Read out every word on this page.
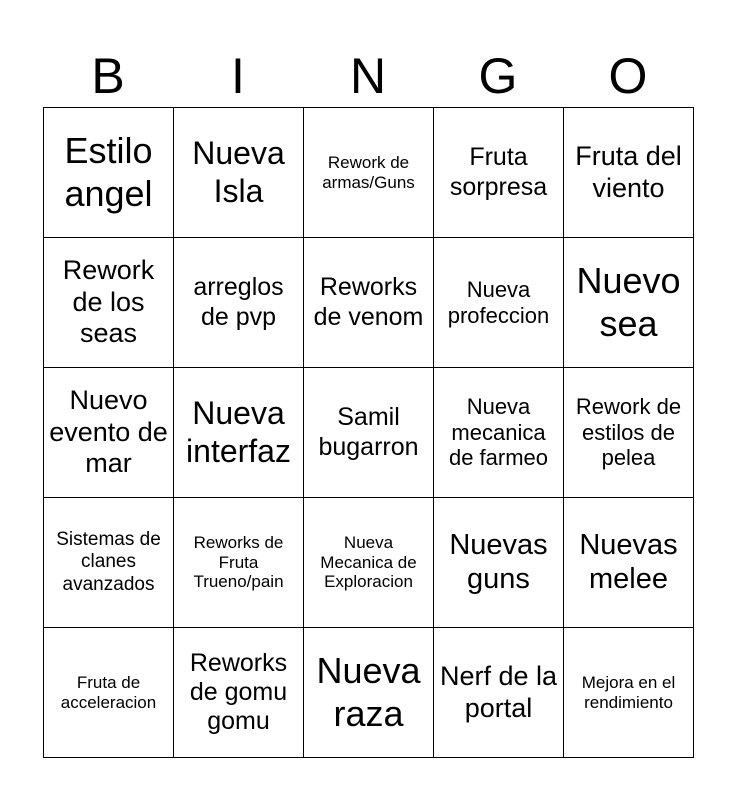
B	I	N	G	O
Estilo angel	Nueva Isla	Rework de armas/Guns	Fruta sorpresa	Fruta del viento
Rework de los seas	arreglos de pvp	Reworks de venom	Nueva profeccion	Nuevo sea
Nuevo evento de mar	Nueva interfaz	Samil bugarron	Nueva mecanica de farmeo	Rework de estilos de pelea
Sistemas de clanes avanzados	Reworks de Fruta Trueno/pain	Nueva Mecanica de Exploracion	Nuevas guns	Nuevas melee
Fruta de acceleracion	Reworks de gomu gomu	Nueva raza	Nerf de la portal	Mejora en el rendimiento
